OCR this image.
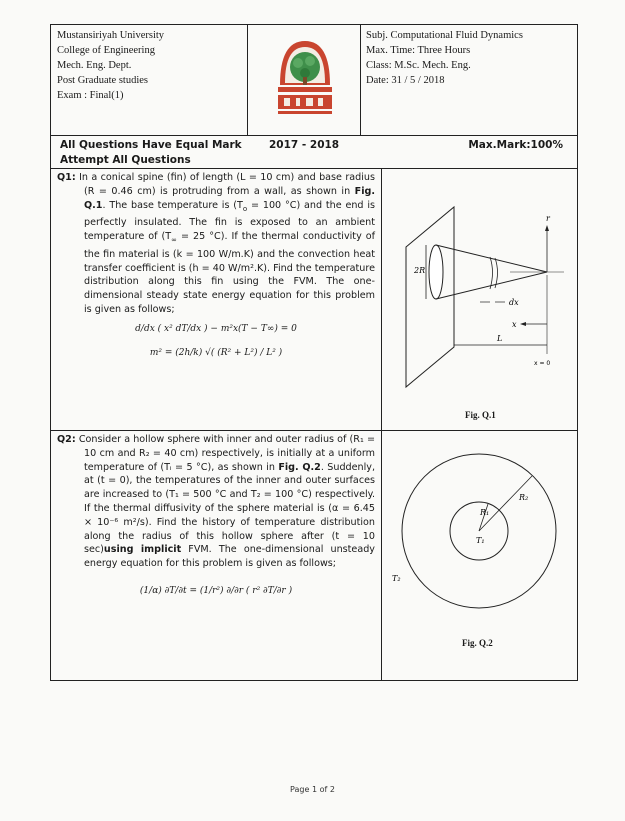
Mustansiriyah University
College of Engineering
Mech. Eng. Dept.
Post Graduate studies
Exam : Final(1)
Subj. Computational Fluid Dynamics
Max. Time: Three Hours
Class: M.Sc. Mech. Eng.
Date: 31 / 5 / 2018
All Questions Have Equal Mark
Attempt All Questions
2017 - 2018	Max.Mark:100%
Q1: In a conical spine (fin) of length (L = 10 cm) and base radius (R = 0.46 cm) is protruding from a wall, as shown in Fig. Q.1. The base temperature is ($T_o = 100$ °C) and the end is perfectly insulated. The fin is exposed to an ambient temperature of ($T_\infty = 25$ °C). If the thermal conductivity of the fin material is (k = 100 W/m.K) and the convection heat transfer coefficient is (h = 40 W/m².K). Find the temperature distribution along this fin using the FVM. The one-dimensional steady state energy equation for this problem is given as follows;
d/dx ( x² dT/dx ) − m²x(T − T∞) = 0
m² = (2h/k) √( (R² + L²) / L² )
r
2R
dx
x
L
x = 0
Fig. Q.1
Q2: Consider a hollow sphere with inner and outer radius of (R₁ = 10 cm and R₂ = 40 cm) respectively, is initially at a uniform temperature of (Tᵢ = 5 °C), as shown in Fig. Q.2. Suddenly, at (t = 0), the temperatures of the inner and outer surfaces are increased to (T₁ = 500 °C and T₂ = 100 °C) respectively. If the thermal diffusivity of the sphere material is (α = 6.45 × 10⁻⁶ m²/s). Find the history of temperature distribution along the radius of this hollow sphere after (t = 10 sec)using implicit FVM. The one-dimensional unsteady energy equation for this problem is given as follows;
(1/α) ∂T/∂t = (1/r²) ∂/∂r ( r² ∂T/∂r )
R₁
R₂
T₁
T₂
Fig. Q.2
Page 1 of 2
